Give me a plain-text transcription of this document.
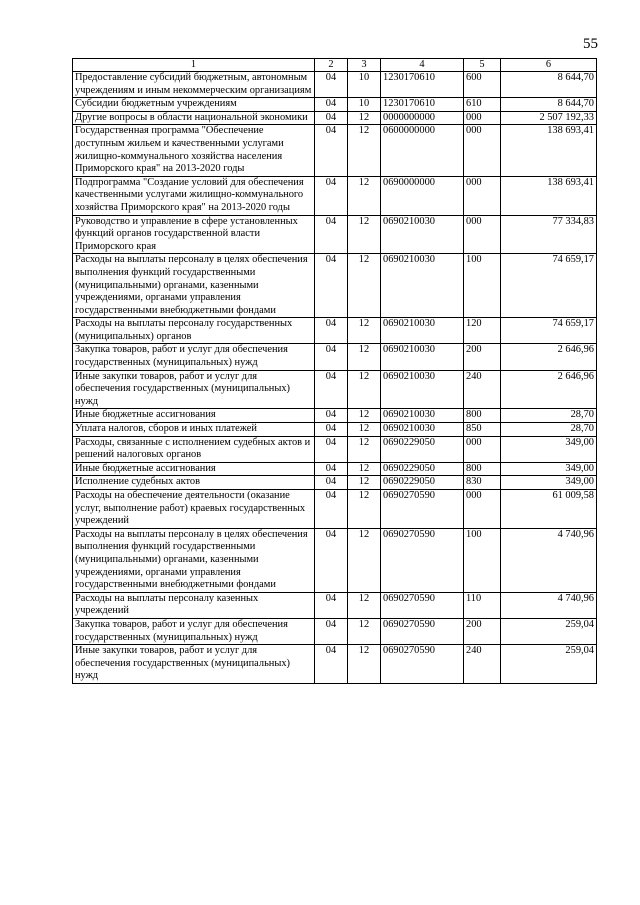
55
1	2	3	4	5	6
Предоставление субсидий бюджетным, автономным учреждениям и иным некоммерческим организациям	04	10	1230170610	600	8 644,70
Субсидии бюджетным учреждениям	04	10	1230170610	610	8 644,70
Другие вопросы в области национальной экономики	04	12	0000000000	000	2 507 192,33
Государственная программа "Обеспечение доступным жильем и качественными услугами жилищно-коммунального хозяйства населения Приморского края" на 2013-2020 годы	04	12	0600000000	000	138 693,41
Подпрограмма "Создание условий для обеспечения качественными услугами жилищно-коммунального хозяйства Приморского края" на 2013-2020 годы	04	12	0690000000	000	138 693,41
Руководство и управление в сфере установленных функций органов государственной власти Приморского края	04	12	0690210030	000	77 334,83
Расходы на выплаты персоналу в целях обеспечения выполнения функций государственными (муниципальными) органами, казенными учреждениями, органами управления государственными внебюджетными фондами	04	12	0690210030	100	74 659,17
Расходы на выплаты персоналу государственных (муниципальных) органов	04	12	0690210030	120	74 659,17
Закупка товаров, работ и услуг для обеспечения государственных (муниципальных) нужд	04	12	0690210030	200	2 646,96
Иные закупки товаров, работ и услуг для обеспечения государственных (муниципальных) нужд	04	12	0690210030	240	2 646,96
Иные бюджетные ассигнования	04	12	0690210030	800	28,70
Уплата налогов, сборов и иных платежей	04	12	0690210030	850	28,70
Расходы, связанные с исполнением судебных актов и решений налоговых органов	04	12	0690229050	000	349,00
Иные бюджетные ассигнования	04	12	0690229050	800	349,00
Исполнение судебных актов	04	12	0690229050	830	349,00
Расходы на обеспечение деятельности (оказание услуг, выполнение работ) краевых государственных учреждений	04	12	0690270590	000	61 009,58
Расходы на выплаты персоналу в целях обеспечения выполнения функций государственными (муниципальными) органами, казенными учреждениями, органами управления государственными внебюджетными фондами	04	12	0690270590	100	4 740,96
Расходы на выплаты персоналу казенных учреждений	04	12	0690270590	110	4 740,96
Закупка товаров, работ и услуг для обеспечения государственных (муниципальных) нужд	04	12	0690270590	200	259,04
Иные закупки товаров, работ и услуг для обеспечения государственных (муниципальных) нужд	04	12	0690270590	240	259,04
